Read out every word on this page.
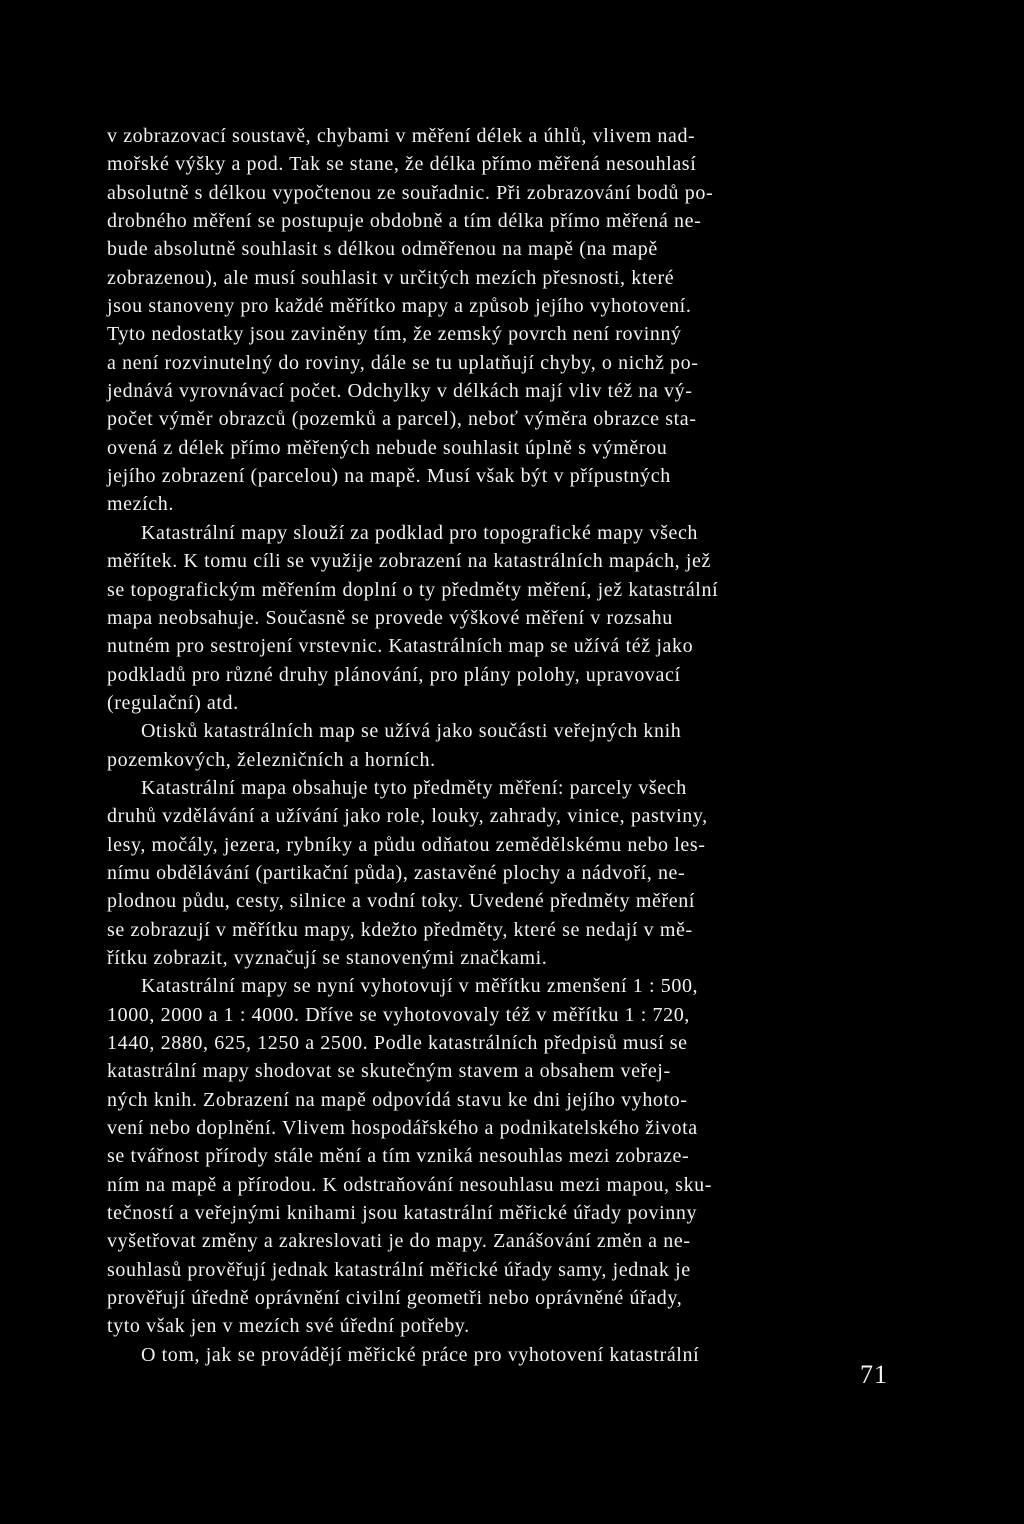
v zobrazovací soustavě, chybami v měření délek a úhlů, vlivem nad-
mořské výšky a pod. Tak se stane, že délka přímo měřená nesouhlasí
absolutně s délkou vypočtenou ze souřadnic. Při zobrazování bodů po-
drobného měření se postupuje obdobně a tím délka přímo měřená ne-
bude absolutně souhlasit s délkou odměřenou na mapě (na mapě
zobrazenou), ale musí souhlasit v určitých mezích přesnosti, které
jsou stanoveny pro každé měřítko mapy a způsob jejího vyhotovení.
Tyto nedostatky jsou zaviněny tím, že zemský povrch není rovinný
a není rozvinutelný do roviny, dále se tu uplatňují chyby, o nichž po-
jednává vyrovnávací počet. Odchylky v délkách mají vliv též na vý-
počet výměr obrazců (pozemků a parcel), neboť výměra obrazce sta-
ovená z délek přímo měřených nebude souhlasit úplně s výměrou
jejího zobrazení (parcelou) na mapě. Musí však být v přípustných
mezích.

Katastrální mapy slouží za podklad pro topografické mapy všech
měřítek. K tomu cíli se využije zobrazení na katastrálních mapách, jež
se topografickým měřením doplní o ty předměty měření, jež katastrální
mapa neobsahuje. Současně se provede výškové měření v rozsahu
nutném pro sestrojení vrstevnic. Katastrálních map se užívá též jako
podkladů pro různé druhy plánování, pro plány polohy, upravovací
(regulační) atd.

Otisků katastrálních map se užívá jako součásti veřejných knih
pozemkových, železničních a horních.

Katastrální mapa obsahuje tyto předměty měření: parcely všech
druhů vzdělávání a užívání jako role, louky, zahrady, vinice, pastviny,
lesy, močály, jezera, rybníky a půdu odňatou zemědělskému nebo les-
nímu obdělávání (partikační půda), zastavěné plochy a nádvoří, ne-
plodnou půdu, cesty, silnice a vodní toky. Uvedené předměty měření
se zobrazují v měřítku mapy, kdežto předměty, které se nedají v mě-
řítku zobrazit, vyznačují se stanovenými značkami.

Katastrální mapy se nyní vyhotovují v měřítku zmenšení 1 : 500,
1000, 2000 a 1 : 4000. Dříve se vyhotovovaly též v měřítku 1 : 720,
1440, 2880, 625, 1250 a 2500. Podle katastrálních předpisů musí se
katastrální mapy shodovat se skutečným stavem a obsahem veřej-
ných knih. Zobrazení na mapě odpovídá stavu ke dni jejího vyhoto-
vení nebo doplnění. Vlivem hospodářského a podnikatelského života
se tvářnost přírody stále mění a tím vzniká nesouhlas mezi zobraze-
ním na mapě a přírodou. K odstraňování nesouhlasu mezi mapou, sku-
tečností a veřejnými knihami jsou katastrální měřické úřady povinny
vyšetřovat změny a zakreslovati je do mapy. Zanášování změn a ne-
souhlasů prověřují jednak katastrální měřické úřady samy, jednak je
prověřují úředně oprávnění civilní geometři nebo oprávněné úřady,
tyto však jen v mezích své úřední potřeby.

O tom, jak se provádějí měřické práce pro vyhotovení katastrální

71
